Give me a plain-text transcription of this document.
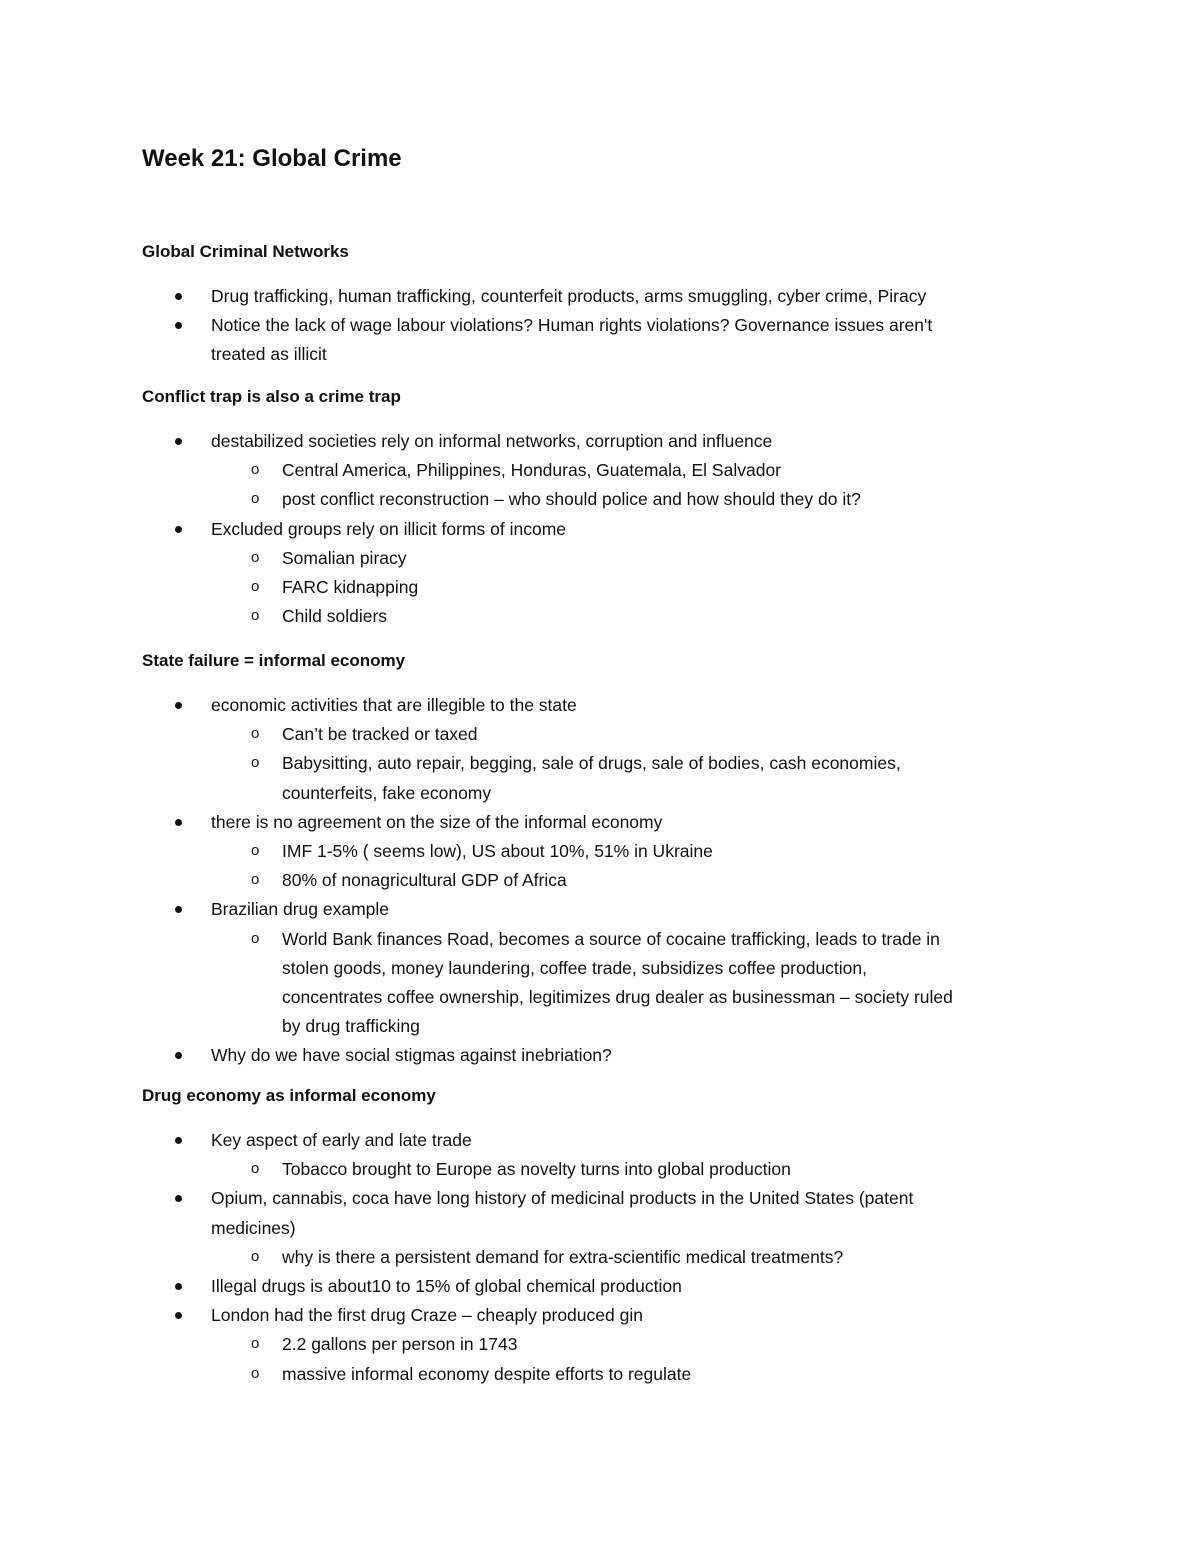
Week 21: Global Crime
Global Criminal Networks

Drug trafficking, human trafficking, counterfeit products, arms smuggling, cyber crime, Piracy

Notice the lack of wage labour violations? Human rights violations? Governance issues aren't

treated as illicit

Conflict trap is also a crime trap

destabilized societies rely on informal networks, corruption and influence

o Central America, Philippines, Honduras, Guatemala, El Salvador

o post conflict reconstruction – who should police and how should they do it?

Excluded groups rely on illicit forms of income

o Somalian piracy

o FARC kidnapping

o Child soldiers

State failure = informal economy

economic activities that are illegible to the state

o Can’t be tracked or taxed

o Babysitting, auto repair, begging, sale of drugs, sale of bodies, cash economies,

counterfeits, fake economy

there is no agreement on the size of the informal economy

o IMF 1-5% ( seems low), US about 10%, 51% in Ukraine

o 80% of nonagricultural GDP of Africa

Brazilian drug example

o World Bank finances Road, becomes a source of cocaine trafficking, leads to trade in

stolen goods, money laundering, coffee trade, subsidizes coffee production,

concentrates coffee ownership, legitimizes drug dealer as businessman – society ruled

by drug trafficking

Why do we have social stigmas against inebriation?

Drug economy as informal economy

Key aspect of early and late trade

o Tobacco brought to Europe as novelty turns into global production

Opium, cannabis, coca have long history of medicinal products in the United States (patent

medicines)

o why is there a persistent demand for extra-scientific medical treatments?

Illegal drugs is about10 to 15% of global chemical production

London had the first drug Craze – cheaply produced gin

o 2.2 gallons per person in 1743

o massive informal economy despite efforts to regulate
